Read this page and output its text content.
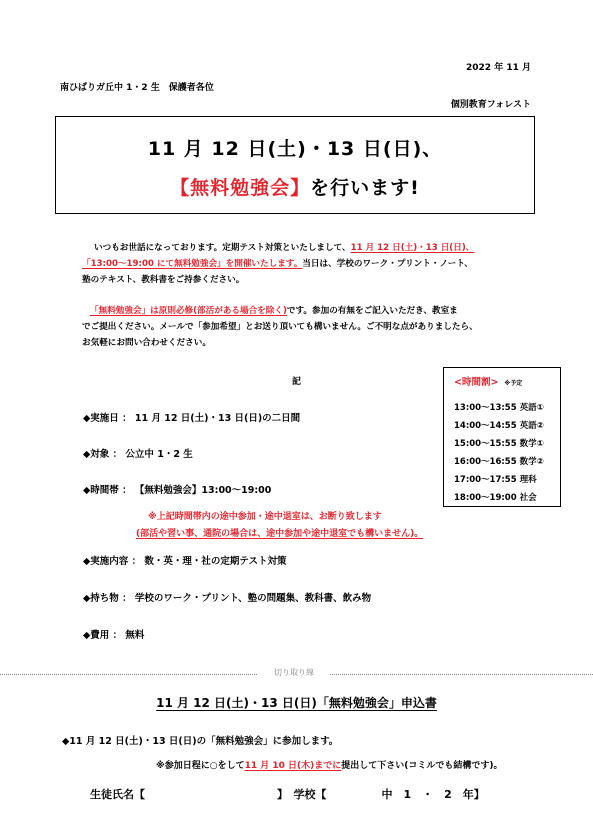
2022 年 11 月
南ひばりガ丘中 1・2 生　保護者各位
個別教育フォレスト
11 月 12 日(土)・13 日(日)、
【無料勉強会】を行います!
いつもお世話になっております。定期テスト対策といたしまして、11 月 12 日(土)・13 日(日)、
「13:00～19:00 にて無料勉強会」を開催いたします。当日は、学校のワーク・プリント・ノート、
塾のテキスト、教科書をご持参ください。
「無料勉強会」は原則必修(部活がある場合を除く)です。参加の有無をご記入いただき、教室ま
でご提出ください。メールで「参加希望」とお送り頂いても構いません。ご不明な点がありましたら、
お気軽にお問い合わせください。
記
◆実施日 ： 11 月 12 日(土)・13 日(日)の二日間
◆対象 ： 公立中 1・2 生
◆時間帯 ： 【無料勉強会】13:00～19:00
※上記時間帯内の途中参加・途中退室は、お断り致します
(部活や習い事、通院の場合は、途中参加や途中退室でも構いません)。
◆実施内容 ： 数・英・理・社の定期テスト対策
◆持ち物 ： 学校のワーク・プリント、塾の問題集、教科書、飲み物
◆費用 ： 無料
<時間割> ※予定
13:00～13:55 英語①
14:00～14:55 英語②
15:00～15:55 数学①
16:00～16:55 数学②
17:00～17:55 理科
18:00～19:00 社会
切り取り線
11 月 12 日(土)・13 日(日)「無料勉強会」申込書
◆11 月 12 日(土)・13 日(日)の「無料勉強会」に参加します。
※参加日程に○をして11 月 10 日(木)までに提出して下さい(コミルでも結構です)。
生徒氏名【　　　　　　　　　　　　】　学校【　　　　　中　1　・　2　年】
